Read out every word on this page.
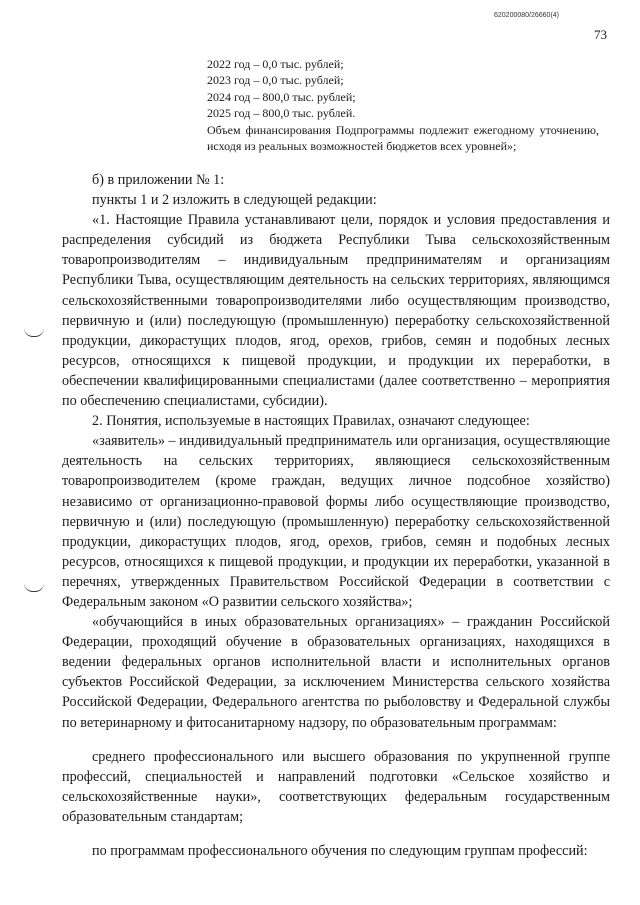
620200080/26660(4)
73

2022 год – 0,0 тыс. рублей;

2023 год – 0,0 тыс. рублей;

2024 год – 800,0 тыс. рублей;

2025 год – 800,0 тыс. рублей.

Объем финансирования Подпрограммы подлежит ежегодному уточнению, исходя из реальных возможностей бюджетов всех уровней»;

б) в приложении № 1:

пункты 1 и 2 изложить в следующей редакции:

«1. Настоящие Правила устанавливают цели, порядок и условия предоставления и распределения субсидий из бюджета Республики Тыва сельскохозяйственным товаропроизводителям – индивидуальным предпринимателям и организациям Республики Тыва, осуществляющим деятельность на сельских территориях, являющимся сельскохозяйственными товаропроизводителями либо осуществляющим производство, первичную и (или) последующую (промышленную) переработку сельскохозяйственной продукции, дикорастущих плодов, ягод, орехов, грибов, семян и подобных лесных ресурсов, относящихся к пищевой продукции, и продукции их переработки, в обеспечении квалифицированными специалистами (далее соответственно – мероприятия по обеспечению специалистами, субсидии).

2. Понятия, используемые в настоящих Правилах, означают следующее:

«заявитель» – индивидуальный предприниматель или организация, осуществляющие деятельность на сельских территориях, являющиеся сельскохозяйственным товаропроизводителем (кроме граждан, ведущих личное подсобное хозяйство) независимо от организационно-правовой формы либо осуществляющие производство, первичную и (или) последующую (промышленную) переработку сельскохозяйственной продукции, дикорастущих плодов, ягод, орехов, грибов, семян и подобных лесных ресурсов, относящихся к пищевой продукции, и продукции их переработки, указанной в перечнях, утвержденных Правительством Российской Федерации в соответствии с Федеральным законом «О развитии сельского хозяйства»;

«обучающийся в иных образовательных организациях» – гражданин Российской Федерации, проходящий обучение в образовательных организациях, находящихся в ведении федеральных органов исполнительной власти и исполнительных органов субъектов Российской Федерации, за исключением Министерства сельского хозяйства Российской Федерации, Федерального агентства по рыболовству и Федеральной службы по ветеринарному и фитосанитарному надзору, по образовательным программам:

среднего профессионального или высшего образования по укрупненной группе профессий, специальностей и направлений подготовки «Сельское хозяйство и сельскохозяйственные науки», соответствующих федеральным государственным образовательным стандартам;

по программам профессионального обучения по следующим группам профессий:
